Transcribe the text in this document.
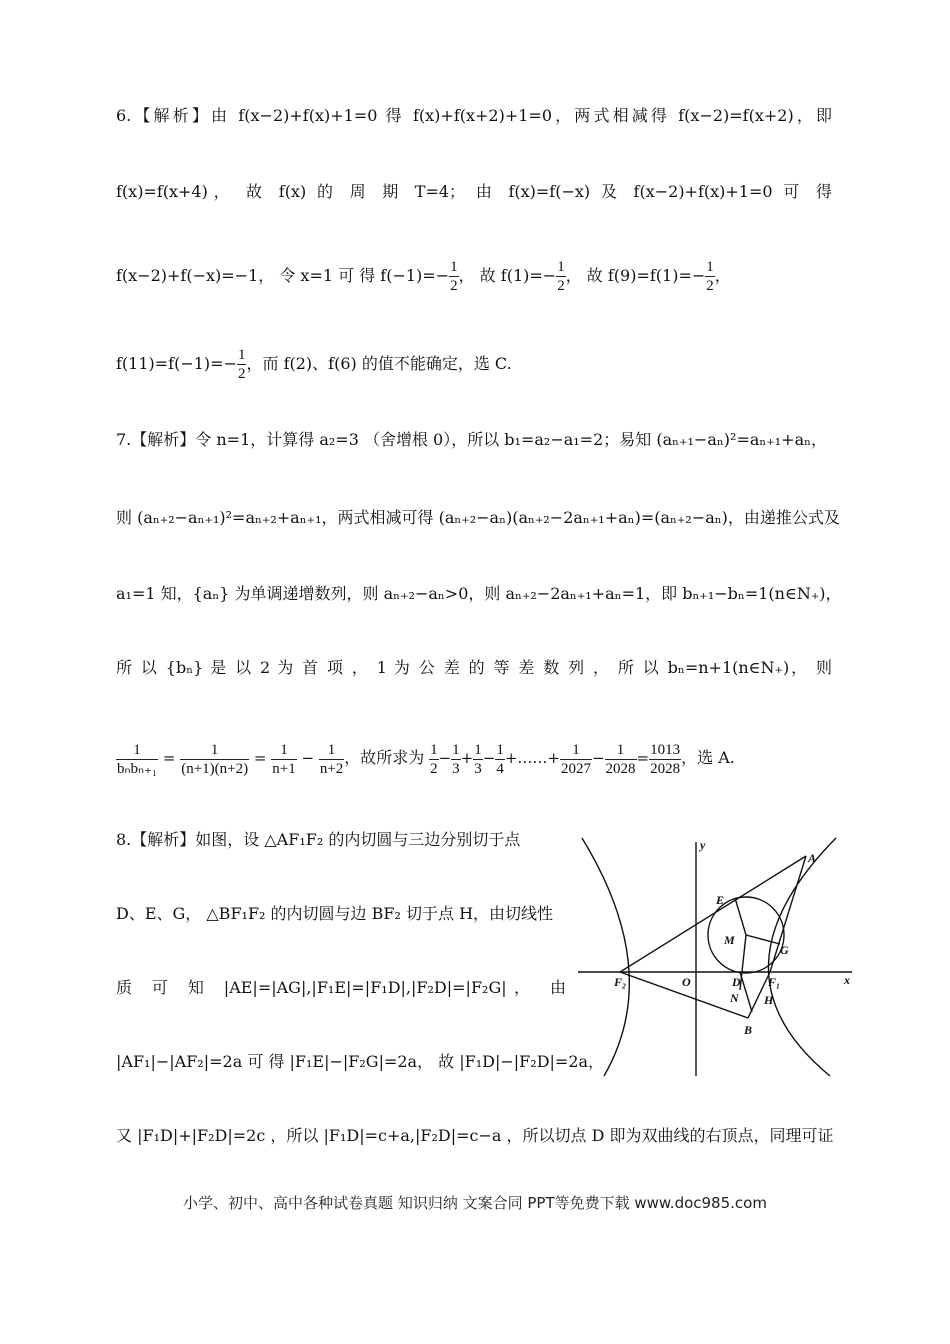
6.【解析】由 f(x−2)+f(x)+1=0 得 f(x)+f(x+2)+1=0，两式相减得 f(x−2)=f(x+2)，即
f(x)=f(x+4)， 故 f(x) 的 周 期 T=4； 由 f(x)=f(−x) 及 f(x−2)+f(x)+1=0 可 得
f(x−2)+f(−x)=−1， 令 x=1 可 得 $f(-1)=- \frac{1}{2}$ ， 故 $f(1)=- \frac{1}{2}$ ， 故 $f(9)=f(1)=- \frac{1}{2}$ ，
$f(11)=f(-1)=- \frac{1}{2}$ ，而 f(2)、f(6) 的值不能确定，选 C.
7.【解析】令 n=1，计算得 a₂=3 （舍增根 0），所以 b₁=a₂−a₁=2；易知 (aₙ₊₁−aₙ)²=aₙ₊₁+aₙ，
则 (aₙ₊₂−aₙ₊₁)²=aₙ₊₂+aₙ₊₁，两式相减可得 (aₙ₊₂−aₙ)(aₙ₊₂−2aₙ₊₁+aₙ)=(aₙ₊₂−aₙ)，由递推公式及
a₁=1 知，{aₙ} 为单调递增数列，则 aₙ₊₂−aₙ>0，则 aₙ₊₂−2aₙ₊₁+aₙ=1，即 bₙ₊₁−bₙ=1(n∈N₊)，
所 以 {bₙ} 是 以 2 为 首 项 ， 1 为 公 差 的 等 差 数 列 ， 所 以 bₙ=n+1(n∈N₊)， 则
$\frac{1}{\text{bₙbₙ₊₁}} = \frac{1}{(n+1)(n+2)} = \frac{1}{n+1} - \frac{1}{n+2}$ ，故所求为 $\frac{1}{2} - \frac{1}{3} + \frac{1}{3} - \frac{1}{4}$ +……+ $\frac{1}{2027} - \frac{1}{2028} = \frac{1013}{2028}$ ，选 A.
8.【解析】如图，设 △AF₁F₂ 的内切圆与三边分别切于点
D、E、G， △BF₁F₂ 的内切圆与边 BF₂ 切于点 H，由切线性
质 可 知 |AE|=|AG|,|F₁E|=|F₁D|,|F₂D|=|F₂G|， 由
|AF₁|−|AF₂|=2a 可 得 |F₁E|−|F₂G|=2a， 故 |F₁D|−|F₂D|=2a，
又 |F₁D|+|F₂D|=2c ，所以 |F₁D|=c+a,|F₂D|=c−a ，所以切点 D 即为双曲线的右顶点，同理可证
y
x
A
E
M
G
F₂	O	D F₁
N H
B
小学、初中、高中各种试卷真题 知识归纳 文案合同 PPT等免费下载 www.doc985.com
